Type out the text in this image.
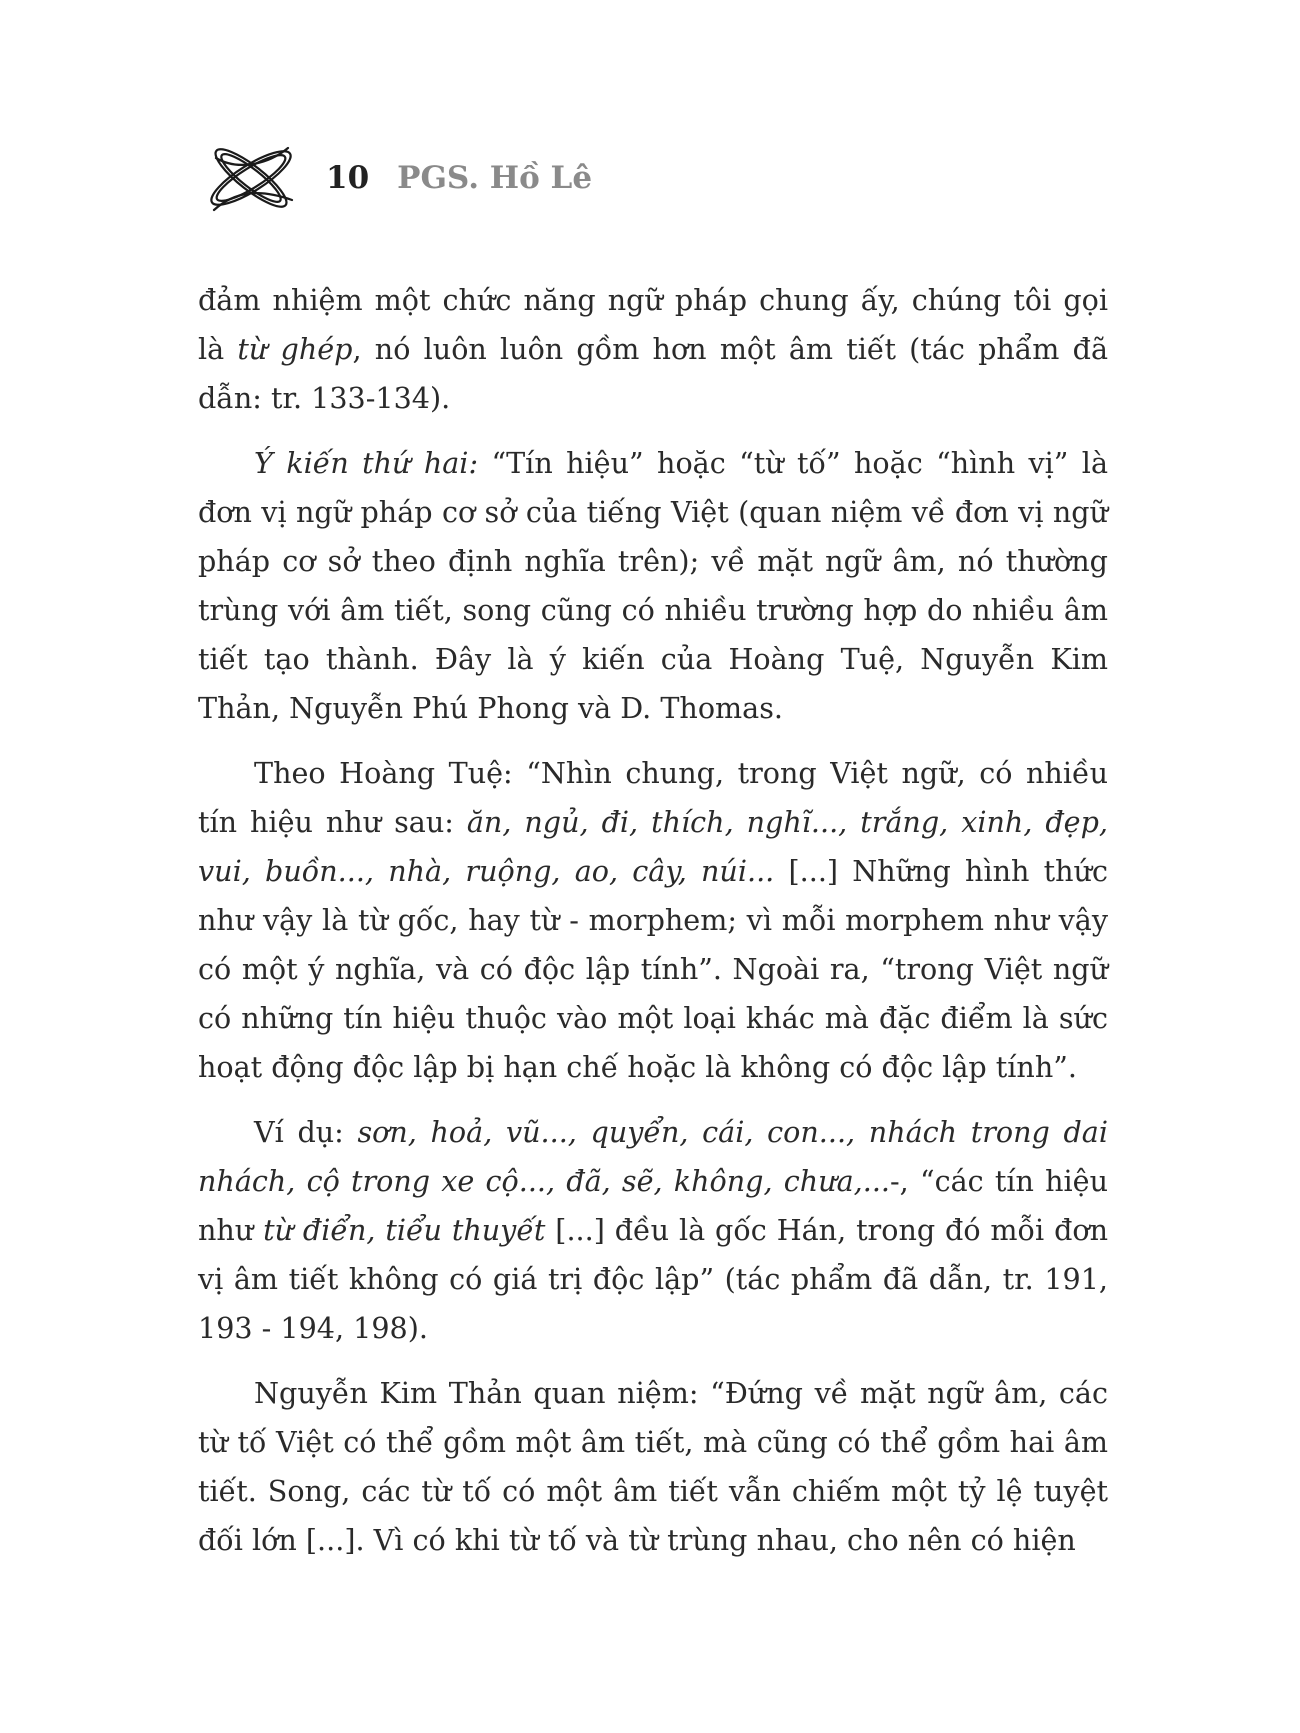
10 PGS. Hồ Lê

đảm nhiệm một chức năng ngữ pháp chung ấy, chúng tôi gọi là từ ghép, nó luôn luôn gồm hơn một âm tiết (tác phẩm đã dẫn: tr. 133-134).

Ý kiến thứ hai: “Tín hiệu” hoặc “từ tố” hoặc “hình vị” là đơn vị ngữ pháp cơ sở của tiếng Việt (quan niệm về đơn vị ngữ pháp cơ sở theo định nghĩa trên); về mặt ngữ âm, nó thường trùng với âm tiết, song cũng có nhiều trường hợp do nhiều âm tiết tạo thành. Đây là ý kiến của Hoàng Tuệ, Nguyễn Kim Thản, Nguyễn Phú Phong và D. Thomas.

Theo Hoàng Tuệ: “Nhìn chung, trong Việt ngữ, có nhiều tín hiệu như sau: ăn, ngủ, đi, thích, nghĩ..., trắng, xinh, đẹp, vui, buồn..., nhà, ruộng, ao, cây, núi... [...] Những hình thức như vậy là từ gốc, hay từ - morphem; vì mỗi morphem như vậy có một ý nghĩa, và có độc lập tính”. Ngoài ra, “trong Việt ngữ có những tín hiệu thuộc vào một loại khác mà đặc điểm là sức hoạt động độc lập bị hạn chế hoặc là không có độc lập tính”.

Ví dụ: sơn, hoả, vũ..., quyển, cái, con..., nhách trong dai nhách, cộ trong xe cộ..., đã, sẽ, không, chưa,...-, “các tín hiệu như từ điển, tiểu thuyết [...] đều là gốc Hán, trong đó mỗi đơn vị âm tiết không có giá trị độc lập” (tác phẩm đã dẫn, tr. 191, 193 - 194, 198).

Nguyễn Kim Thản quan niệm: “Đứng về mặt ngữ âm, các từ tố Việt có thể gồm một âm tiết, mà cũng có thể gồm hai âm tiết. Song, các từ tố có một âm tiết vẫn chiếm một tỷ lệ tuyệt đối lớn [...]. Vì có khi từ tố và từ trùng nhau, cho nên có hiện
